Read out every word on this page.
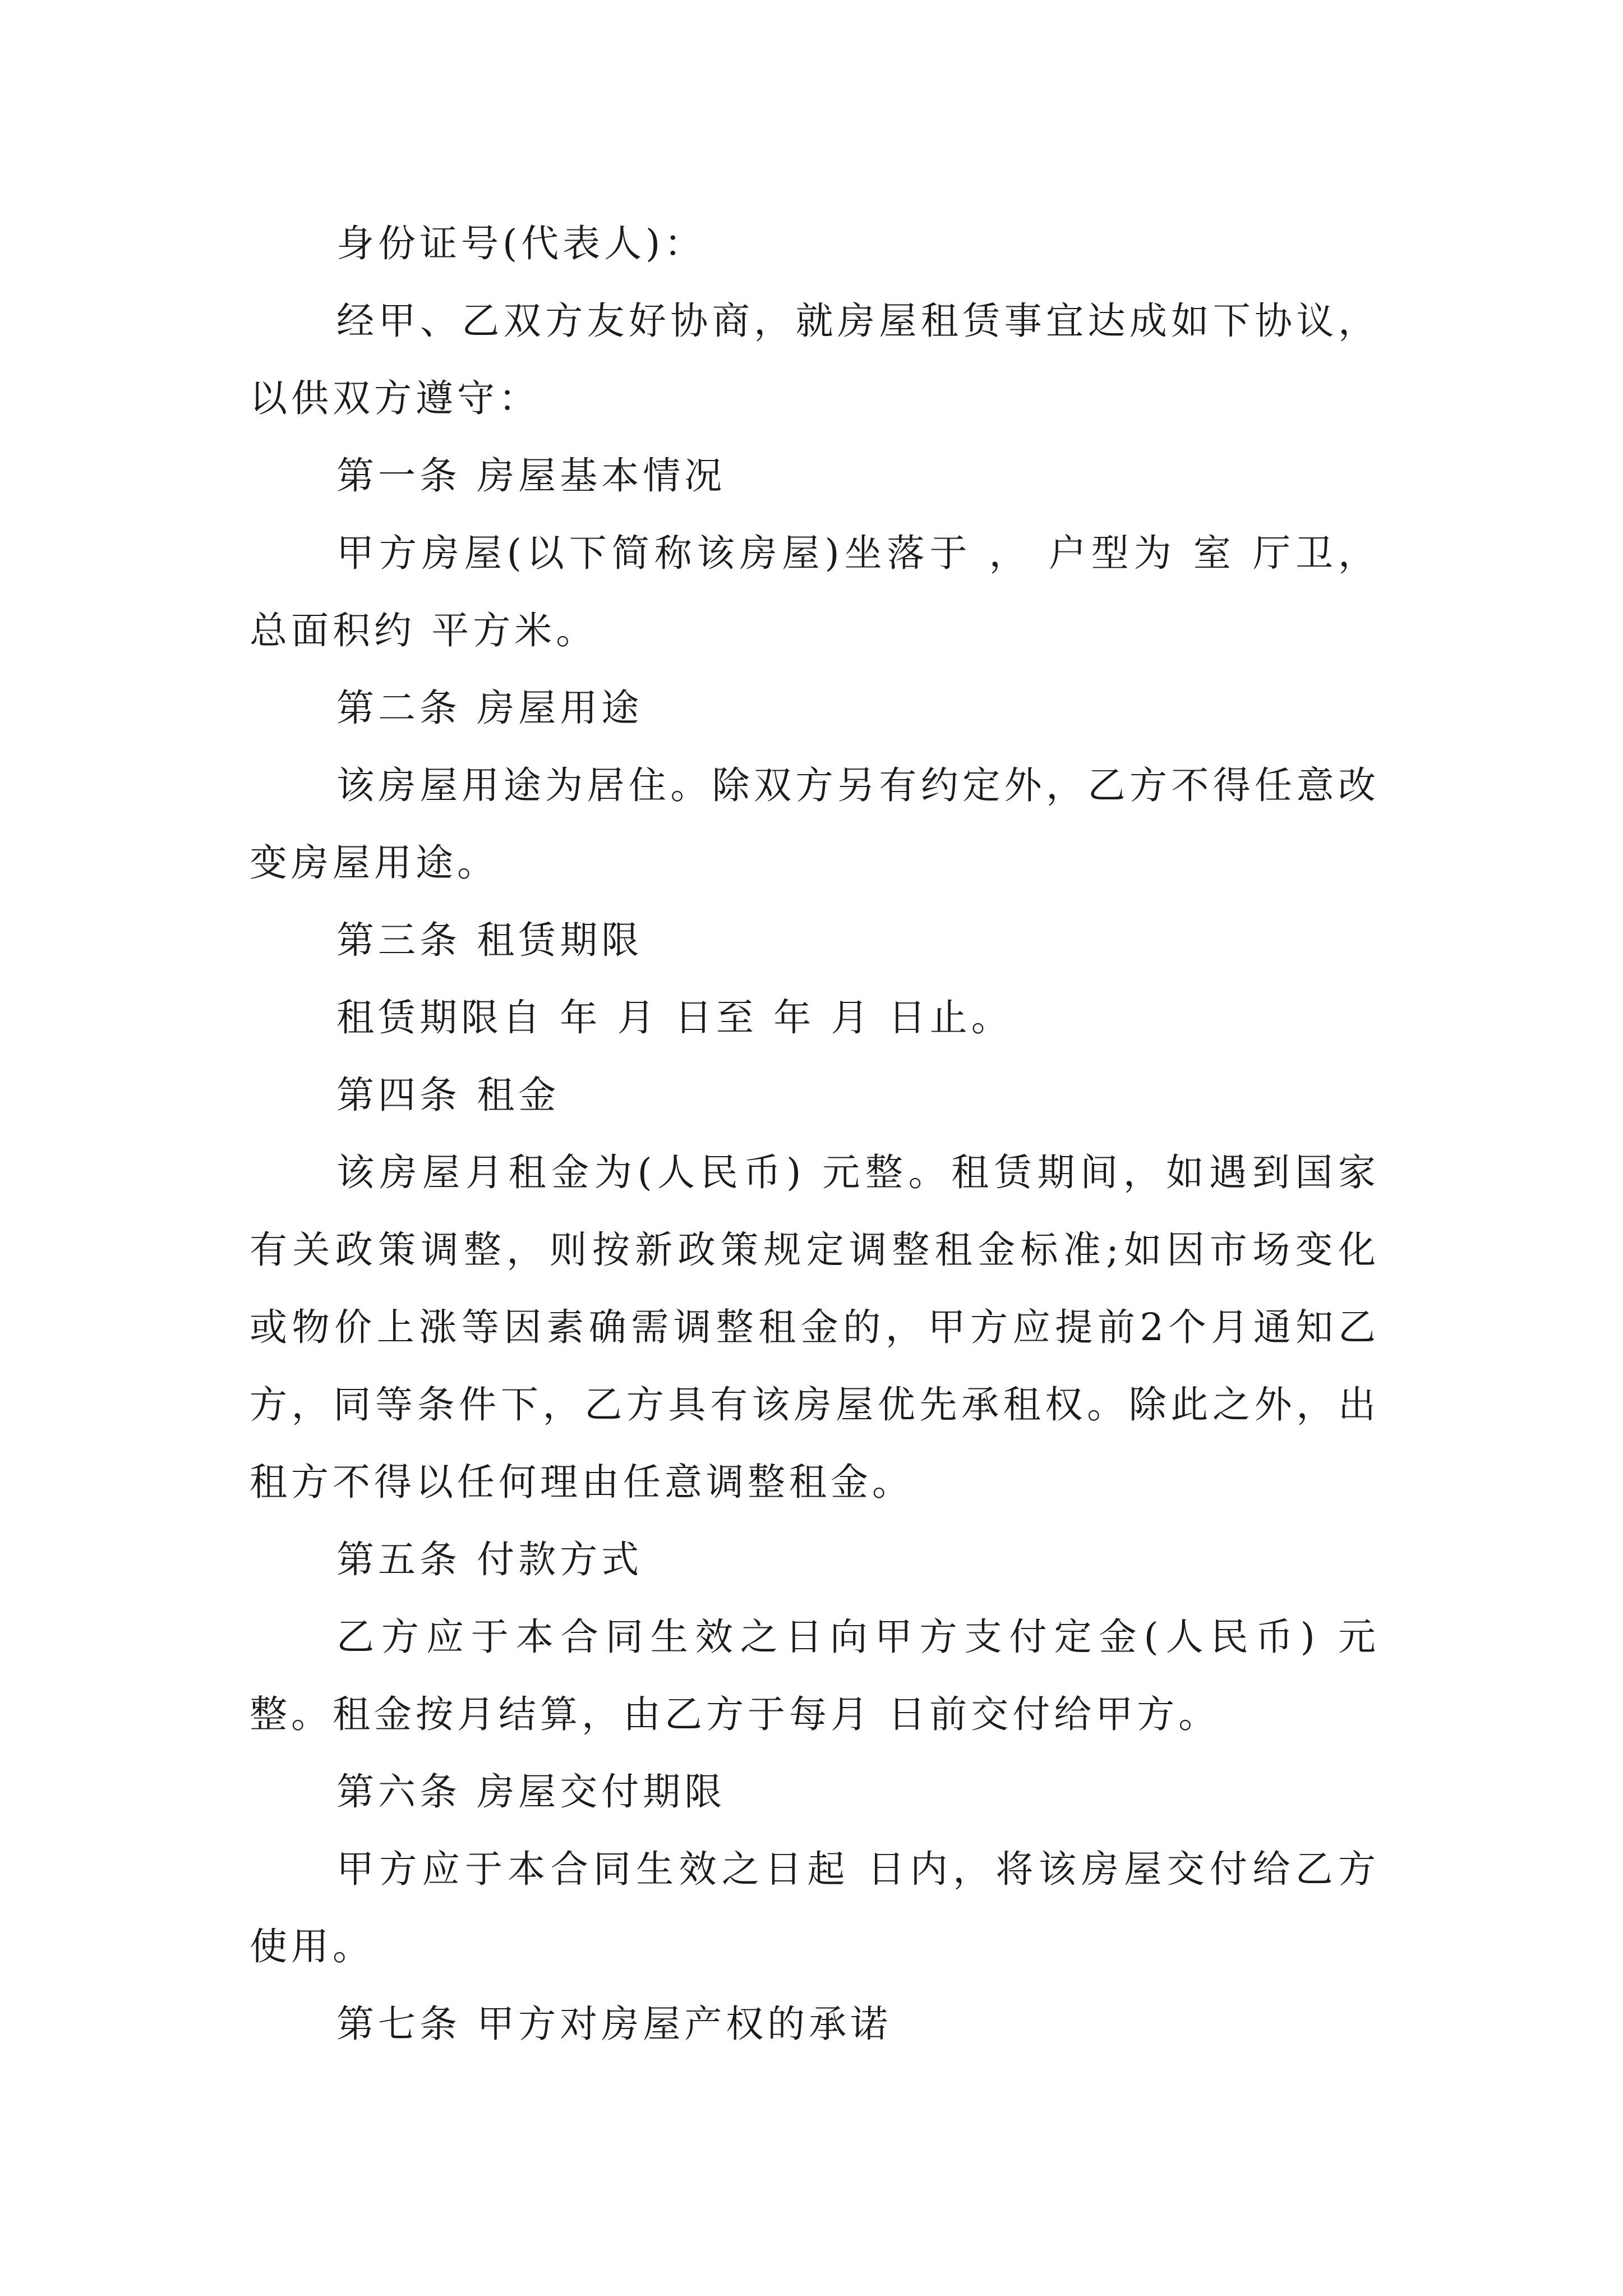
身份证号(代表人)：

经甲、乙双方友好协商，就房屋租赁事宜达成如下协议，以供双方遵守：

第一条 房屋基本情况

甲方房屋(以下简称该房屋)坐落于 ， 户型为 室 厅卫，总面积约 平方米。

第二条 房屋用途

该房屋用途为居住。除双方另有约定外，乙方不得任意改变房屋用途。

第三条 租赁期限

租赁期限自 年 月 日至 年 月 日止。

第四条 租金

该房屋月租金为(人民币) 元整。租赁期间，如遇到国家有关政策调整，则按新政策规定调整租金标准;如因市场变化或物价上涨等因素确需调整租金的，甲方应提前2个月通知乙方，同等条件下，乙方具有该房屋优先承租权。除此之外，出租方不得以任何理由任意调整租金。

第五条 付款方式

乙方应于本合同生效之日向甲方支付定金(人民币) 元整。租金按月结算，由乙方于每月 日前交付给甲方。

第六条 房屋交付期限

甲方应于本合同生效之日起 日内，将该房屋交付给乙方使用。

第七条 甲方对房屋产权的承诺
